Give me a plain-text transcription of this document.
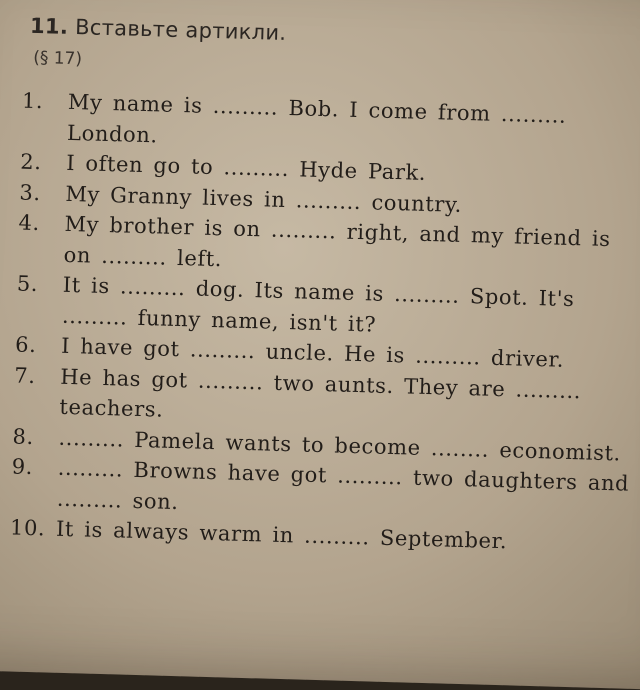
11. Вставьте артикли.
(§ 17)
1. My name is ......... Bob. I come from ......... London.
2. I often go to ......... Hyde Park.
3. My Granny lives in ......... country.
4. My brother is on ......... right, and my friend is on ......... left.
5. It is ......... dog. Its name is ......... Spot. It's ......... funny name, isn't it?
6. I have got ......... uncle. He is ......... driver.
7. He has got ......... two aunts. They are ......... teachers.
8. ......... Pamela wants to become ........ economist.
9. ......... Browns have got ......... two daughters and ......... son.
10. It is always warm in ......... September.
